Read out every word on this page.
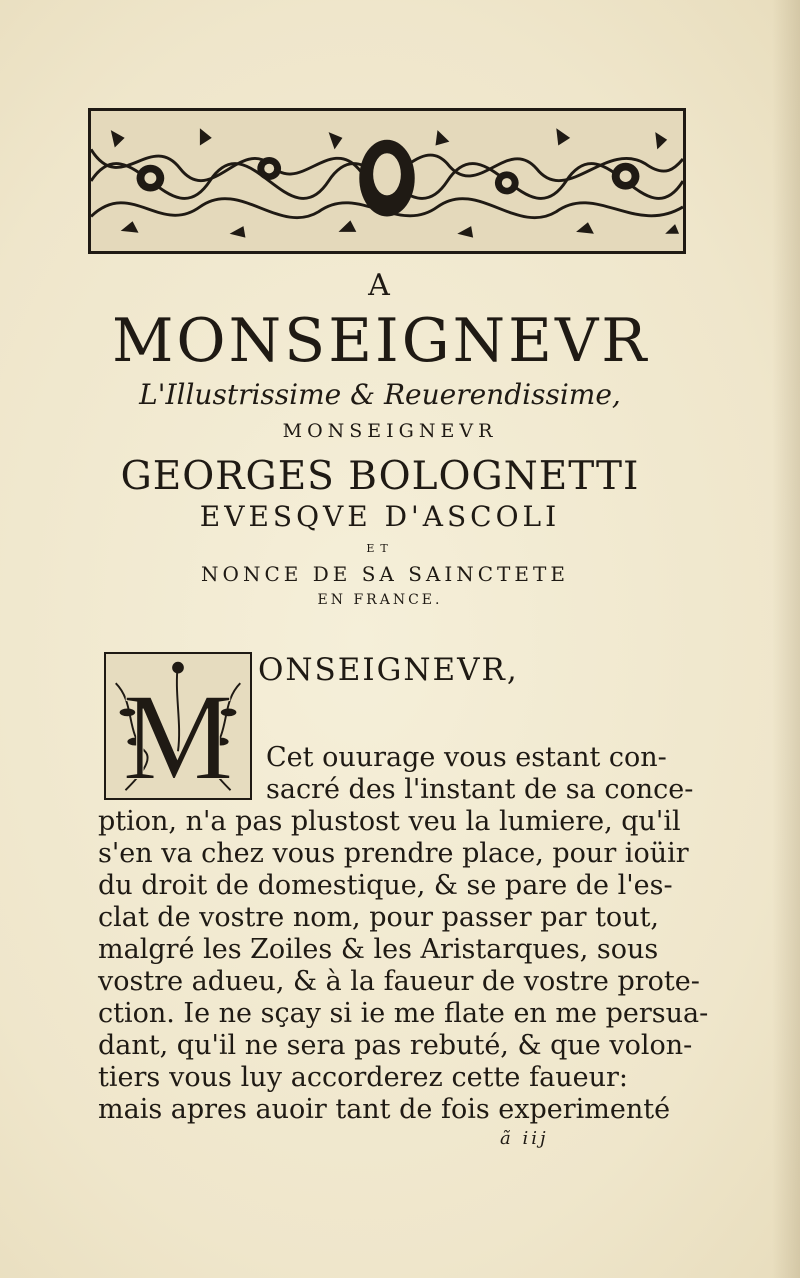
A
MONSEIGNEVR
L'Illustrissime & Reuerendissime,
MONSEIGNEVR
GEORGES BOLOGNETTI
EVESQVE D'ASCOLI
ET
NONCE DE SA SAINCTETE
EN FRANCE.
M ONSEIGNEVR,
Cet ouurage vous estant con-
sacré des l'instant de sa conce-
ption, n'a pas plustost veu la lumiere, qu'il
s'en va chez vous prendre place, pour ioüir
du droit de domestique, & se pare de l'es-
clat de vostre nom, pour passer par tout,
malgré les Zoiles & les Aristarques, sous
vostre adueu, & à la faueur de vostre prote-
ction. Ie ne sçay si ie me flate en me persua-
dant, qu'il ne sera pas rebuté, & que volon-
tiers vous luy accorderez cette faueur:
mais apres auoir tant de fois experimenté
ã iij
